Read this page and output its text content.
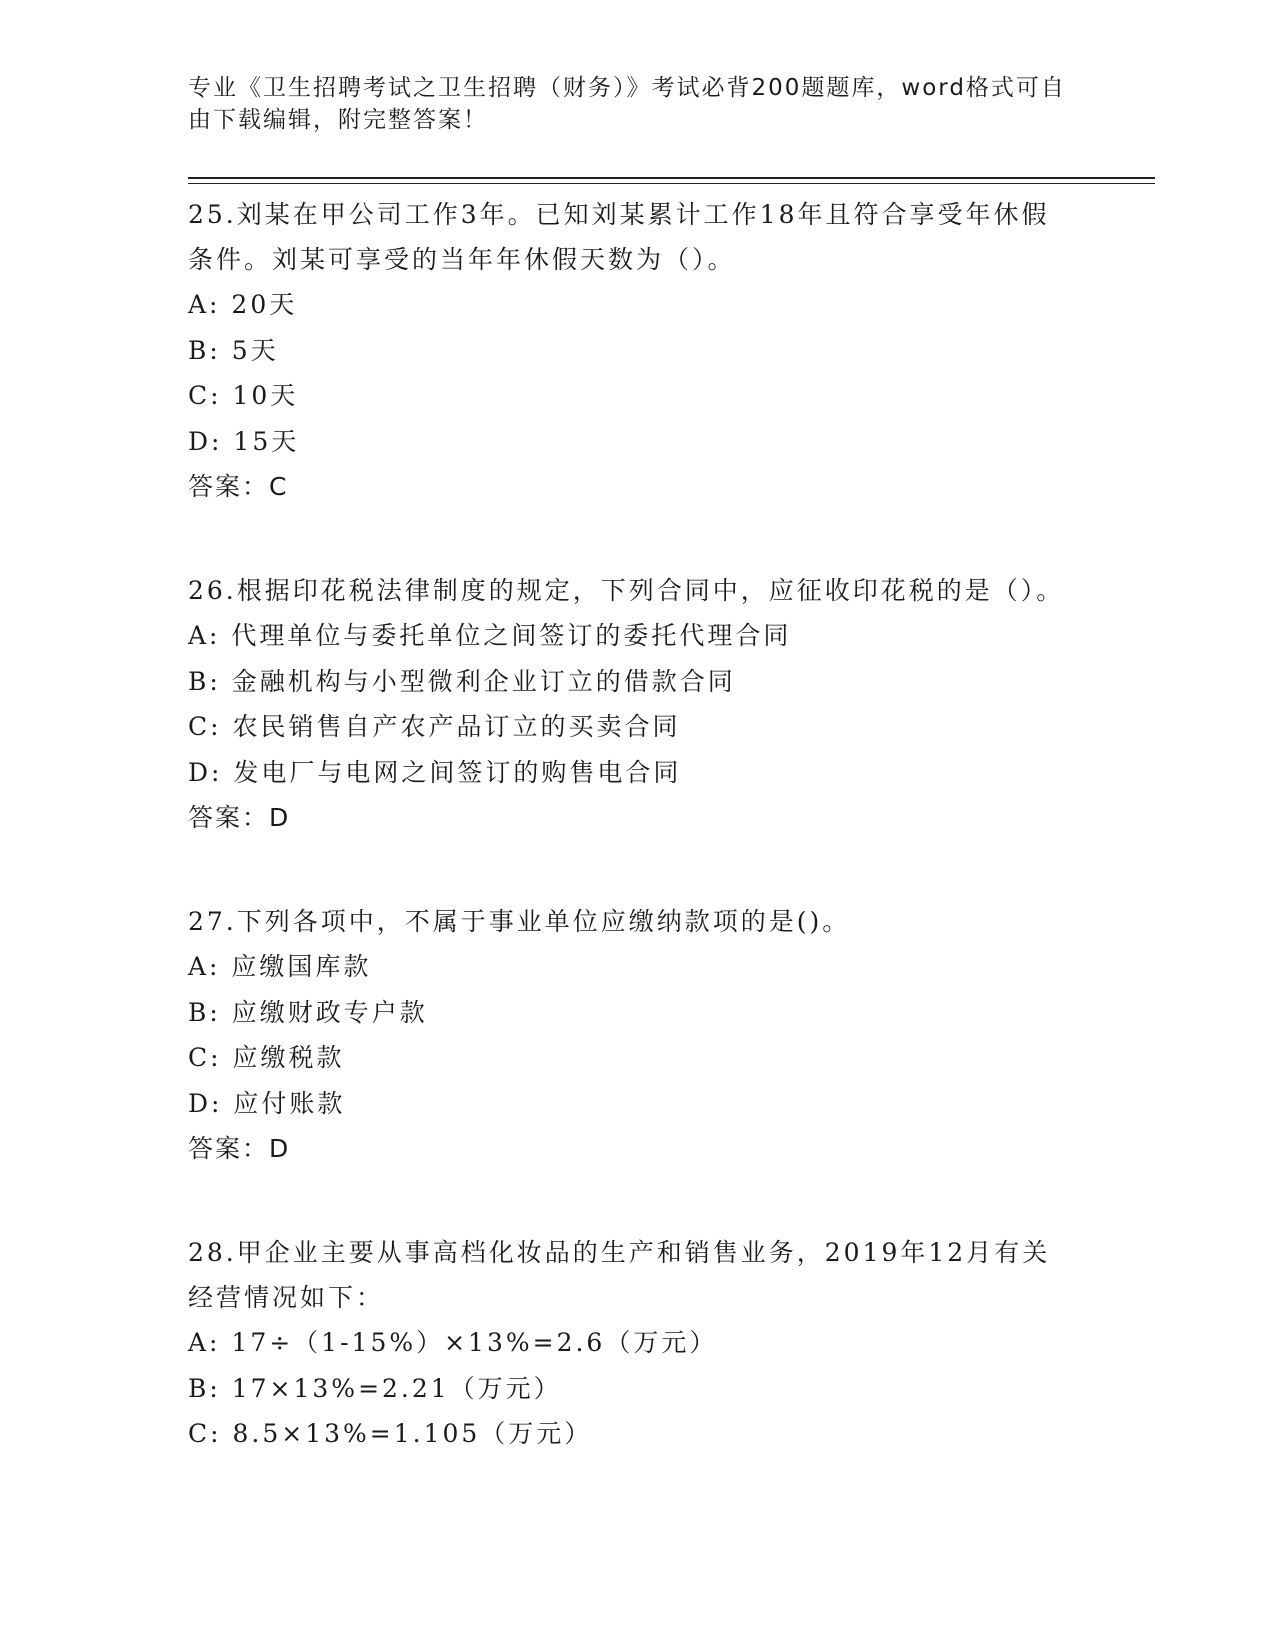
专业《卫生招聘考试之卫生招聘（财务）》考试必背200题题库，word格式可自由下载编辑，附完整答案！
25.刘某在甲公司工作3年。已知刘某累计工作18年且符合享受年休假条件。刘某可享受的当年年休假天数为（）。
A: 20天
B: 5天
C: 10天
D: 15天
答案：C
26.根据印花税法律制度的规定，下列合同中，应征收印花税的是（）。
A: 代理单位与委托单位之间签订的委托代理合同
B: 金融机构与小型微利企业订立的借款合同
C: 农民销售自产农产品订立的买卖合同
D: 发电厂与电网之间签订的购售电合同
答案：D
27.下列各项中，不属于事业单位应缴纳款项的是()。
A: 应缴国库款
B: 应缴财政专户款
C: 应缴税款
D: 应付账款
答案：D
28.甲企业主要从事高档化妆品的生产和销售业务，2019年12月有关经营情况如下：
A: 17÷（1-15%）×13%=2.6（万元）
B: 17×13%=2.21（万元）
C: 8.5×13%=1.105（万元）
